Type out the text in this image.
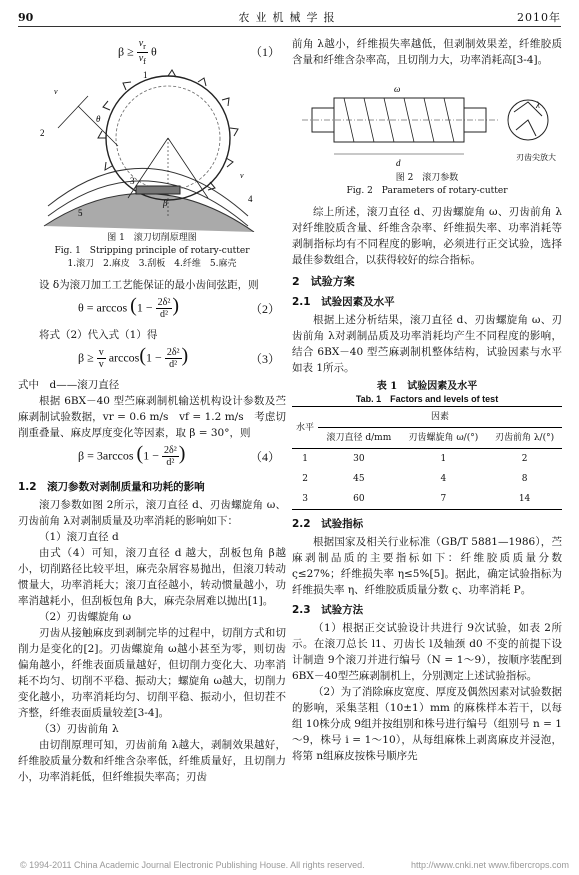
90	农业机械学报	2010年
$\beta \ge \frac{v_r}{v_f}$ θ	（1）
1
2
3
4
5
β
θ
v
v

图 1　滚刀切削原理图

Fig. 1　Stripping principle of rotary-cutter

1.滚刀　2.麻皮　3.刮板　4.纤维　5.麻壳

设 δ为滚刀加工工艺能保证的最小齿间弦距，则

$\theta = \arccos (1 - \frac{\text{2δ²}}{\text{d²}}$ )	（2）

将式（2）代入式（1）得

$\beta \ge \frac{v}{v} \arccos(1 - \frac{\text{2δ²}}{\text{d²}}$ )	（3）

式中　d——滚刀直径

根据 6BX－40 型苎麻剥制机输送机构设计参数及苎麻剥制试验数据，vr = 0.6 m/s　vf = 1.2 m/s　考虑切削重叠量、麻皮厚度变化等因素，取 β = 30°，则

β = 3arccos ($1 - \frac{\text{2δ²}}{\text{d²}}$ )	（4）
1.2　滚刀参数对剥制质量和功耗的影响

滚刀参数如图 2所示，滚刀直径 d、刃齿螺旋角 ω、刃齿前角 λ对剥制质量及功率消耗的影响如下：

（1）滚刀直径 d

由式（4）可知，滚刀直径 d 越大，刮板包角 β越小，切削路径比较平坦，麻壳杂屑容易抛出，但滚刀转动惯量大，功率消耗大；滚刀直径越小，转动惯量越小，功率消越耗小，但刮板包角 β大，麻壳杂屑难以抛出[1]。

（2）刃齿螺旋角 ω

刃齿从接触麻皮到剥制完毕的过程中，切削方式和切削力是变化的[2]。刃齿螺旋角 ω越小甚至为零，则切齿偏角越小，纤维表面质量越好，但切削力变化大、功率消耗不均匀、切削不平稳、振动大；螺旋角 ω越大，切削力变化越小，功率消耗均匀、切削平稳、振动小，但切茬不齐整，纤维表面质量较差[3-4]。

（3）刃齿前角 λ

由切削原理可知，刃齿前角 λ越大，剥制效果越好，纤维胶质量分数和纤维含杂率低，纤维质量好，且切削力小，功率消耗低，但纤维损失率高；刃齿

前角 λ越小，纤维损失率越低，但剥制效果差，纤维胶质含量和纤维含杂率高，且切削力大，功率消耗高[3-4]。

刃齿尖放大
ω
d
λ

图 2　滚刀参数

Fig. 2　Parameters of rotary-cutter

综上所述，滚刀直径 d、刃齿螺旋角 ω、刃齿前角 λ对纤维胶质含量、纤维含杂率、纤维损失率、功率消耗等剥制指标均有不同程度的影响，必须进行正交试验，选择最佳参数组合，以获得较好的综合指标。

2　试验方案
2.1　试验因素及水平

根据上述分析结果，滚刀直径 d、刃齿螺旋角 ω、刃齿前角 λ对剥制品质及功率消耗均产生不同程度的影响，结合 6BX－40 型苎麻剥制机整体结构，试验因素与水平如表 1所示。

表 1　试验因素及水平

Tab. 1　Factors and levels of test

水平	因素		
	滚刀直径 d/mm	刃齿螺旋角 ω/(°)	刃齿前角 λ/(°)
1	30	1	2
2	45	4	8
3	60	7	14
2.2　试验指标

根据国家及相关行业标准（GB/T 5881—1986），苎麻剥制品质的主要指标如下：纤维胶质质量分数 ς≤27%；纤维损失率 η≤5%[5]。据此，确定试验指标为纤维损失率 η、纤维胶质质量分数 ς、功率消耗 P。

2.3　试验方法

（1）根据正交试验设计共进行 9次试验，如表 2所示。在滚刀总长 l1、刃齿长 l及轴颈 d0 不变的前提下设计制造 9个滚刀并进行编号（N = 1～9），按顺序装配到 6BX－40型苎麻剥制机上，分别测定上述试验指标。

（2）为了消除麻皮宽度、厚度及偶然因素对试验数据的影响，采集茎粗（10±1）mm 的麻株样本若干，以每组 10株分成 9组并按组别和株号进行编号（组别号 n = 1～9，株号 i = 1～10），从每组麻株上剥离麻皮并浸泡，将第 n组麻皮按株号顺序先

© 1994-2011 China Academic Journal Electronic Publishing House. All rights reserved.	http://www.cnki.net www.fibercrops.com
